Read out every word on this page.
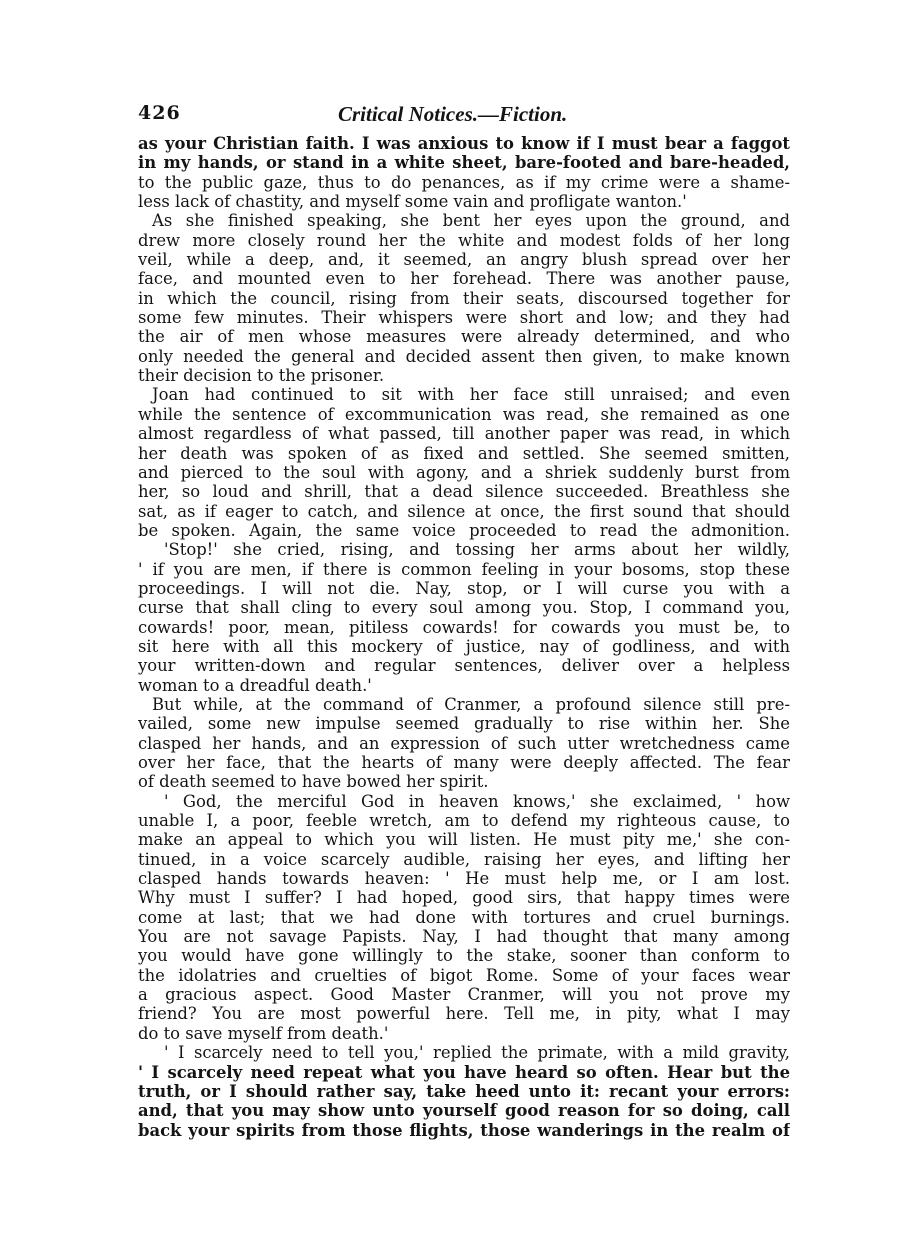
426	Critical Notices.—Fiction.
as your Christian faith. I was anxious to know if I must bear a faggot
in my hands, or stand in a white sheet, bare-footed and bare-headed,
to the public gaze, thus to do penances, as if my crime were a shame-
less lack of chastity, and myself some vain and profligate wanton.'
As she finished speaking, she bent her eyes upon the ground, and
drew more closely round her the white and modest folds of her long
veil, while a deep, and, it seemed, an angry blush spread over her
face, and mounted even to her forehead. There was another pause,
in which the council, rising from their seats, discoursed together for
some few minutes. Their whispers were short and low; and they had
the air of men whose measures were already determined, and who
only needed the general and decided assent then given, to make known
their decision to the prisoner.
Joan had continued to sit with her face still unraised; and even
while the sentence of excommunication was read, she remained as one
almost regardless of what passed, till another paper was read, in which
her death was spoken of as fixed and settled. She seemed smitten,
and pierced to the soul with agony, and a shriek suddenly burst from
her, so loud and shrill, that a dead silence succeeded. Breathless she
sat, as if eager to catch, and silence at once, the first sound that should
be spoken. Again, the same voice proceeded to read the admonition.
'Stop!' she cried, rising, and tossing her arms about her wildly,
' if you are men, if there is common feeling in your bosoms, stop these
proceedings. I will not die. Nay, stop, or I will curse you with a
curse that shall cling to every soul among you. Stop, I command you,
cowards! poor, mean, pitiless cowards! for cowards you must be, to
sit here with all this mockery of justice, nay of godliness, and with
your written-down and regular sentences, deliver over a helpless
woman to a dreadful death.'
But while, at the command of Cranmer, a profound silence still pre-
vailed, some new impulse seemed gradually to rise within her. She
clasped her hands, and an expression of such utter wretchedness came
over her face, that the hearts of many were deeply affected. The fear
of death seemed to have bowed her spirit.
' God, the merciful God in heaven knows,' she exclaimed, ' how
unable I, a poor, feeble wretch, am to defend my righteous cause, to
make an appeal to which you will listen. He must pity me,' she con-
tinued, in a voice scarcely audible, raising her eyes, and lifting her
clasped hands towards heaven: ' He must help me, or I am lost.
Why must I suffer? I had hoped, good sirs, that happy times were
come at last; that we had done with tortures and cruel burnings.
You are not savage Papists. Nay, I had thought that many among
you would have gone willingly to the stake, sooner than conform to
the idolatries and cruelties of bigot Rome. Some of your faces wear
a gracious aspect. Good Master Cranmer, will you not prove my
friend? You are most powerful here. Tell me, in pity, what I may
do to save myself from death.'
' I scarcely need to tell you,' replied the primate, with a mild gravity,
' I scarcely need repeat what you have heard so often. Hear but the
truth, or I should rather say, take heed unto it: recant your errors:
and, that you may show unto yourself good reason for so doing, call
back your spirits from those flights, those wanderings in the realm of
